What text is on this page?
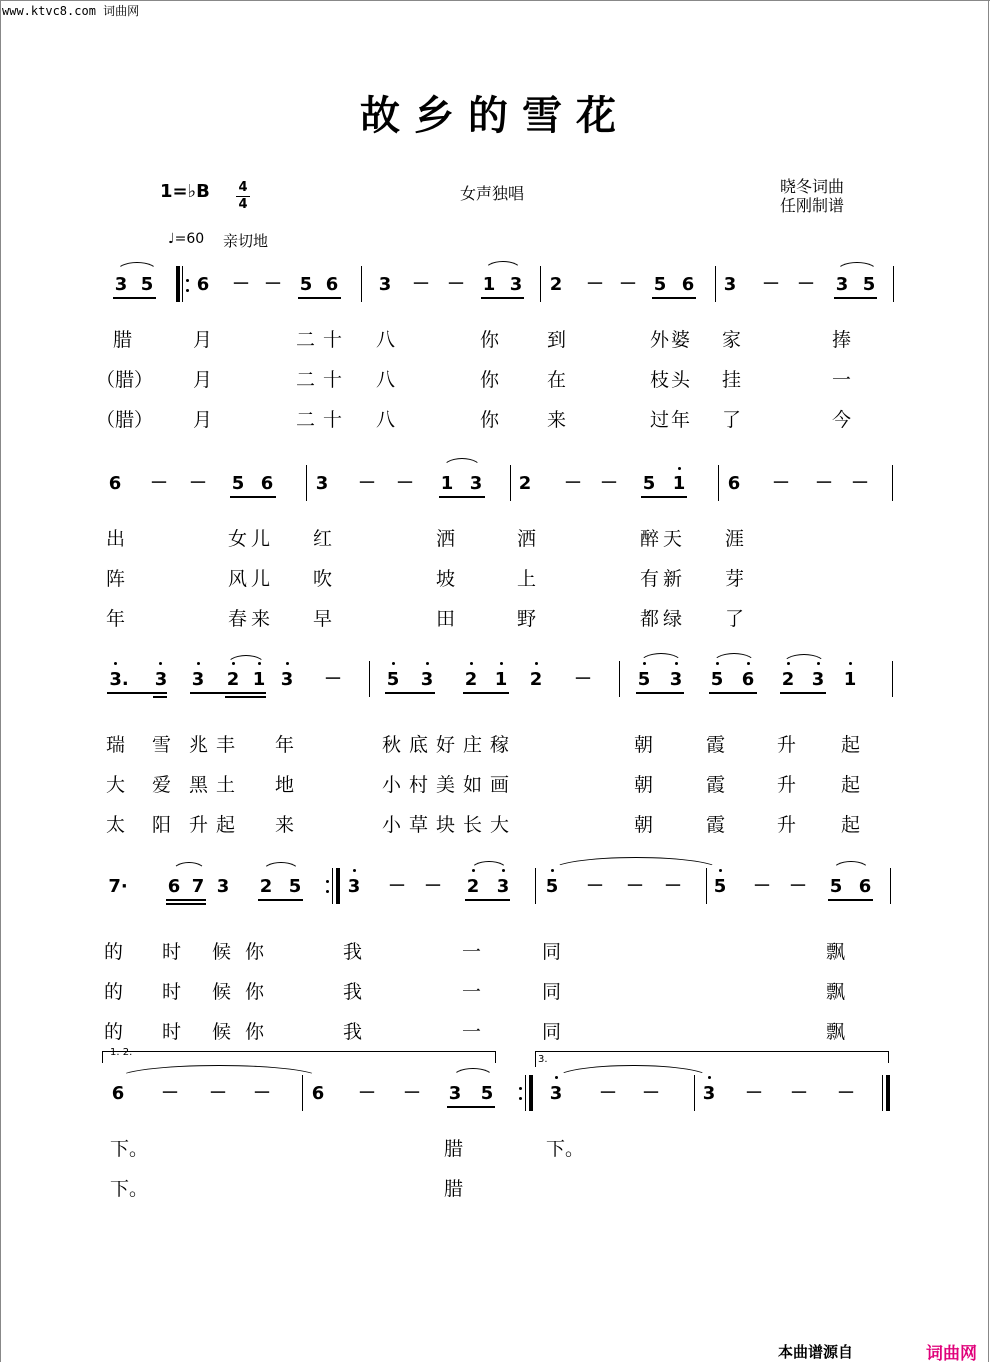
www.ktvc8.com 词曲网
故乡的雪花
1=♭B 4
4
女声独唱	晓冬词曲
任刚制谱
♩=60 亲切地
3 5 6 － － 5 6 3 － － 1 3 2 － － 5 6 3 － － 3 5
腊	月	二十 八	你	到	外婆 家	捧
（腊） 月	二十 八	你	在	枝头 挂	一
（腊） 月	二十 八	你	来	过年 了	今
6 － － 5 6 3 － － 1 3 2 － － 5 1 6 － － －
出	女儿 红	洒	洒	醉天 涯
阵	风儿 吹	坡	上	有新 芽
年	春来 早	田	野	都绿 了
3. 3 3 2 1 3 － 5 3 2 1 2 －	5 3 5 6 2 3 1
瑞 雪 兆丰 年	秋底好庄稼	朝	霞	升 起
大 爱 黑土 地	小村美如画	朝	霞	升 起
太 阳 升起 来	小草块长大	朝	霞	升 起
7· 6 7 3 2 5	3 － － 2 3 5 － － － 5 － － 5 6
的 时 候你	我	一	同	飘
的 时 候你	我	一	同	飘
的 时 候你	我	一	同	飘
1. 2.
3.
6 － － － 6 － － 3 5	3 － － 3 － － －
下。	腊	下。
下。	腊
本曲谱源自	词曲网
